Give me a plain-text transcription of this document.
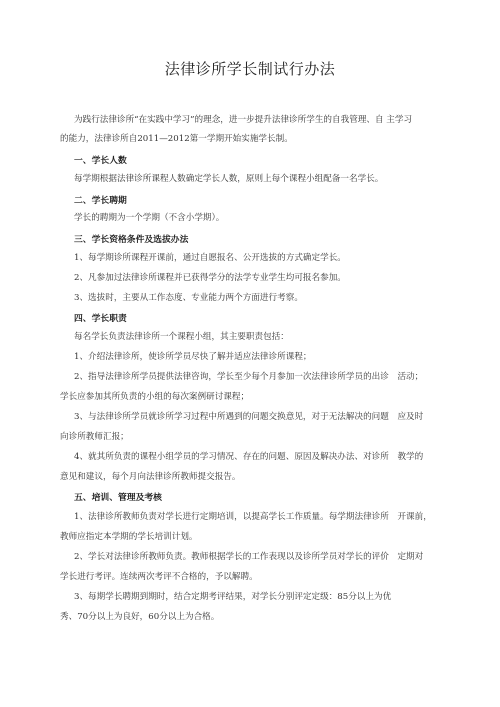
法律诊所学长制试行办法
为践行法律诊所“在实践中学习”的理念，进一步提升法律诊所学生的自我管理、自 主学习
的能力，法律诊所自2011—2012第一学期开始实施学长制。
一、学长人数
每学期根据法律诊所课程人数确定学长人数，原则上每个课程小组配备一名学长。
二、学长聘期
学长的聘期为一个学期（不含小学期）。
三、学长资格条件及选拔办法
1、每学期诊所课程开课前，通过自愿报名、公开选拔的方式确定学长。
2、凡参加过法律诊所课程并已获得学分的法学专业学生均可报名参加。
3、选拔时，主要从工作态度、专业能力两个方面进行考察。
四、学长职责
每名学长负责法律诊所一个课程小组，其主要职责包括：
1、介绍法律诊所，使诊所学员尽快了解并适应法律诊所课程；
2、指导法律诊所学员提供法律咨询，学长至少每个月参加一次法律诊所学员的出诊　活动；
学长应参加其所负责的小组的每次案例研讨课程；
3、与法律诊所学员就诊所学习过程中所遇到的问题交换意见，对于无法解决的问题　应及时
向诊所教师汇报；
4、就其所负责的课程小组学员的学习情况、存在的问题、原因及解决办法、对诊所　教学的
意见和建议，每个月向法律诊所教师提交报告。
五、培训、管理及考核
1、法律诊所教师负责对学长进行定期培训，以提高学长工作质量。每学期法律诊所　开课前，
教师应指定本学期的学长培训计划。
2、学长对法律诊所教师负责。教师根据学长的工作表现以及诊所学员对学长的评价　定期对
学长进行考评。连续两次考评不合格的，予以解聘。
3、每期学长聘期到期时，结合定期考评结果，对学长分别评定定级：85分以上为优
秀、70分以上为良好，60分以上为合格。
